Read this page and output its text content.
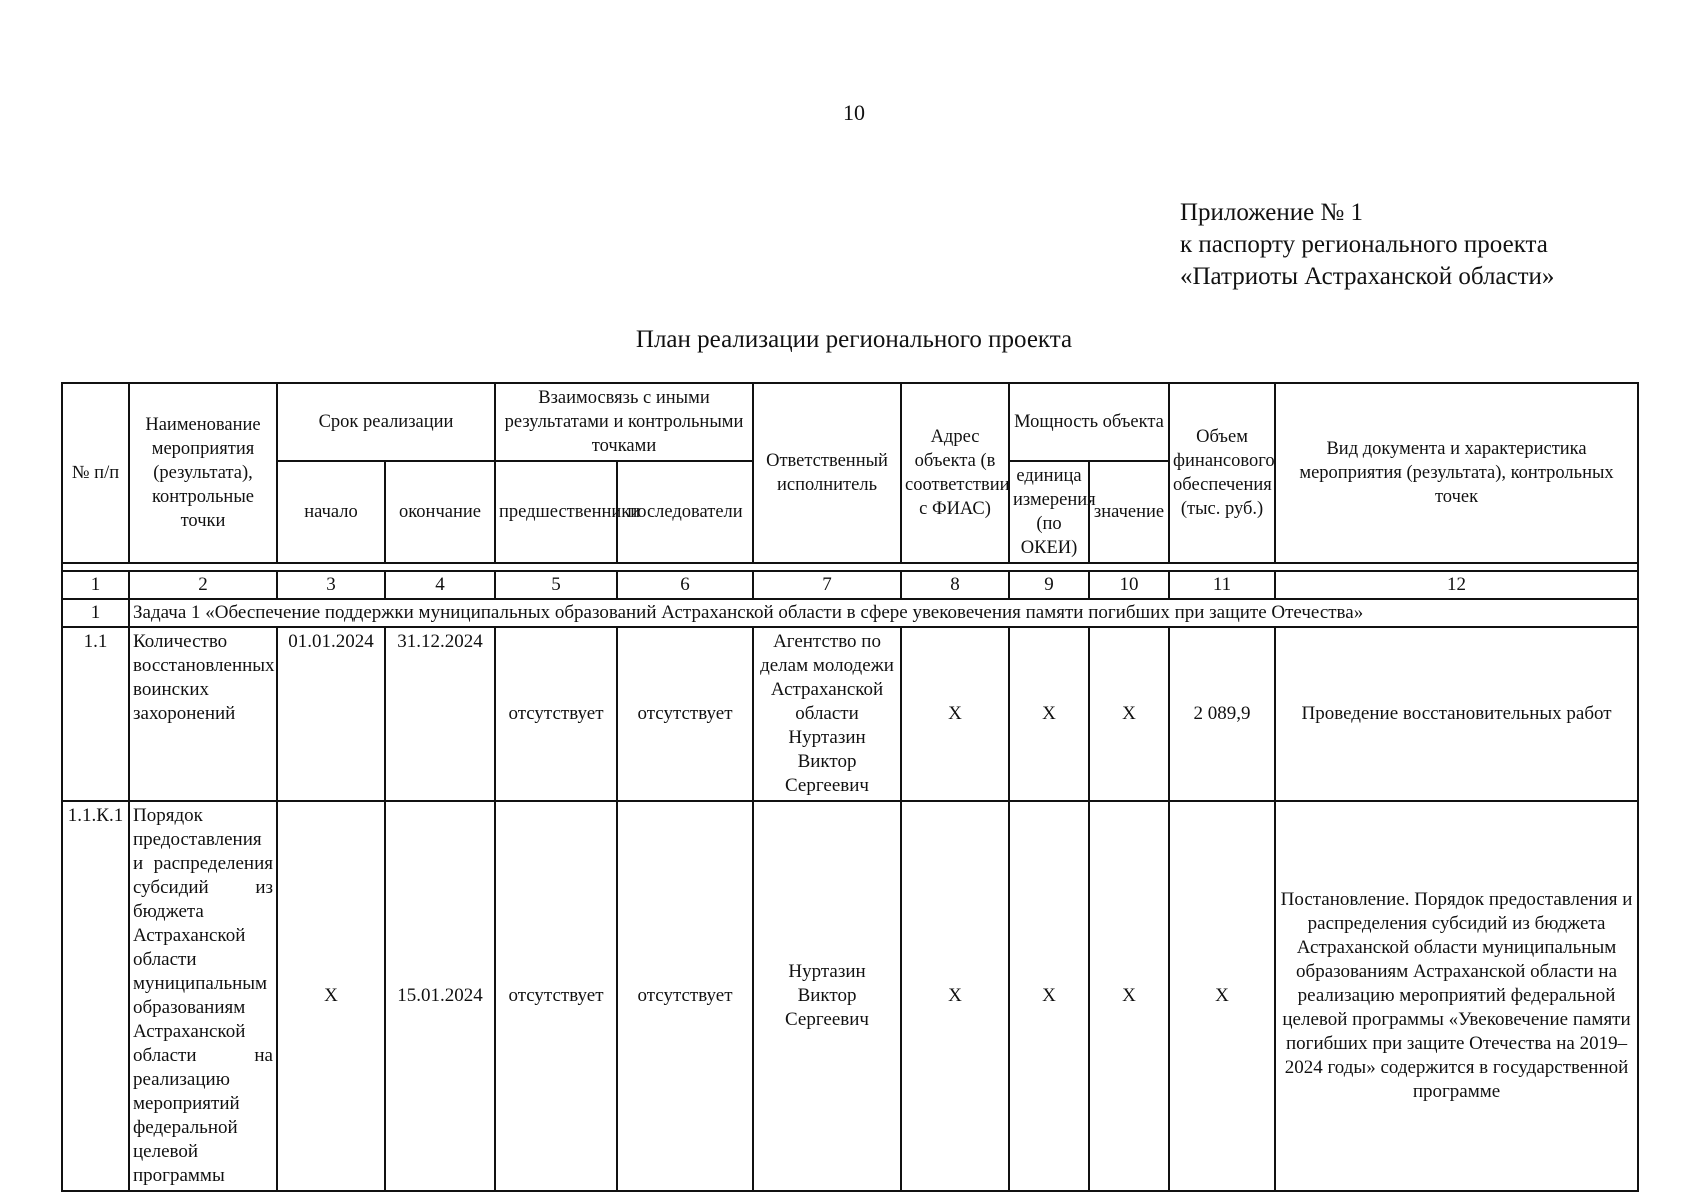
10
Приложение № 1
к паспорту регионального проекта
«Патриоты Астраханской области»
План реализации регионального проекта
№ п/п	Наименование мероприятия (результата), контрольные точки	Срок реализации		Взаимосвязь с иными результатами и контрольными точками		Ответственный исполнитель	Адрес объекта (в соответствии с ФИАС)	Мощность объекта		Объем финансового обеспечения (тыс. руб.)	Вид документа и характеристика мероприятия (результата), контрольных точек
		начало	окончание	предшественники	последователи			единица измерения (по ОКЕИ)	значение		

1	2	3	4	5	6	7	8	9	10	11	12
1	Задача 1 «Обеспечение поддержки муниципальных образований Астраханской области в сфере увековечения памяти погибших при защите Отечества»										
1.1	Количество восстановленных воинских захоронений	01.01.2024	31.12.2024	отсутствует	отсутствует	Агентство по делам молодежи Астраханской области Нуртазин Виктор Сергеевич	X	X	X	2 089,9	Проведение восстановительных работ
1.1.К.1	Порядок предоставления и распределения субсидий из бюджета Астраханской области муниципальным образованиям Астраханской области на реализацию мероприятий федеральной целевой программы	X	15.01.2024	отсутствует	отсутствует	Нуртазин Виктор Сергеевич	X	X	X	X	Постановление. Порядок предоставления и распределения субсидий из бюджета Астраханской области муниципальным образованиям Астраханской области на реализацию мероприятий федеральной целевой программы «Увековечение памяти погибших при защите Отечества на 2019–2024 годы» содержится в государственной программе
